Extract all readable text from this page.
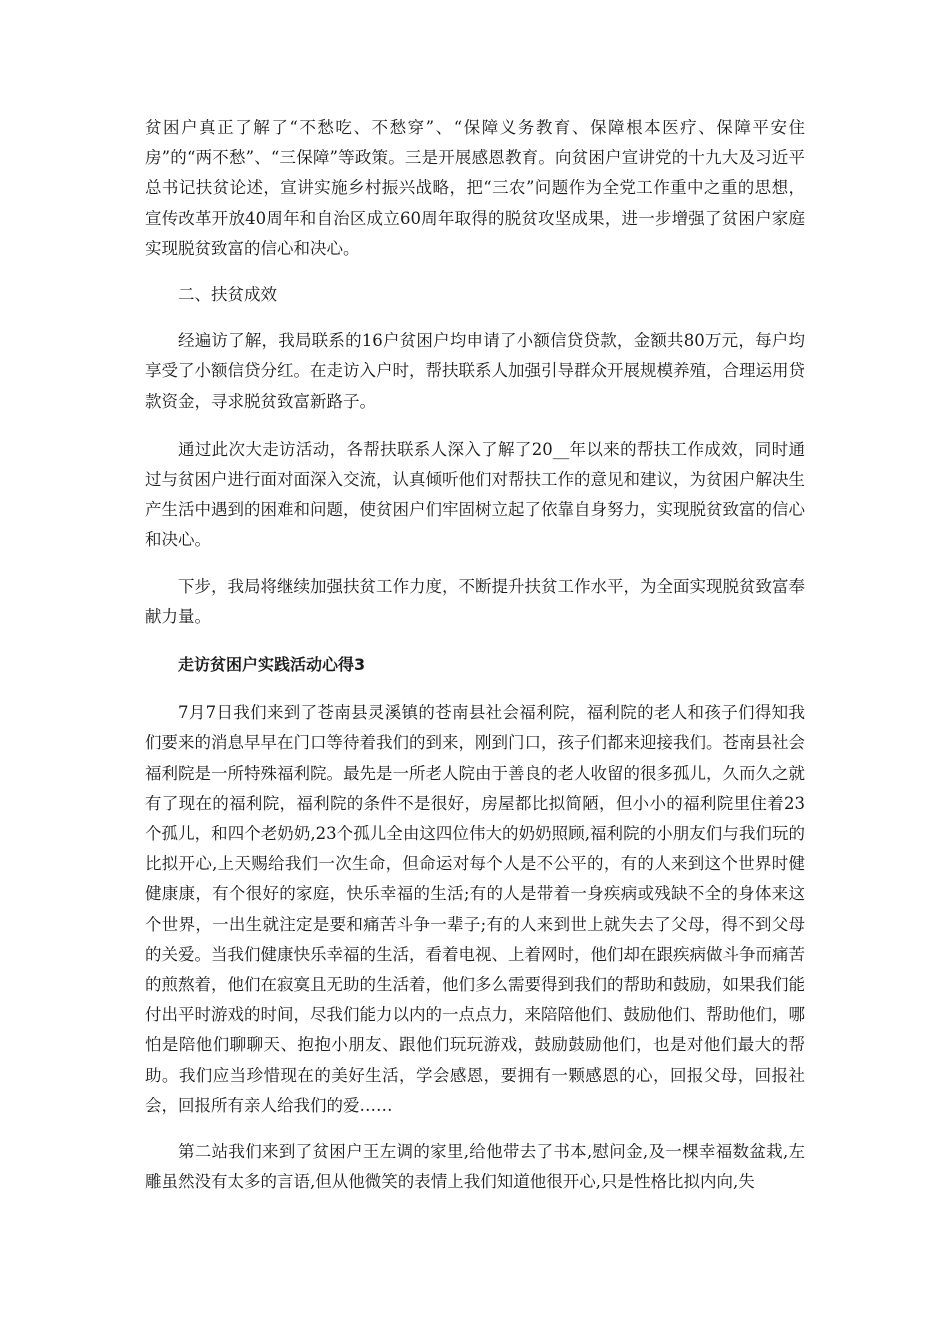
贫困户真正了解了“不愁吃、不愁穿”、“保障义务教育、保障根本医疗、保障平安住房”的“两不愁”、“三保障”等政策。三是开展感恩教育。向贫困户宣讲党的十九大及习近平总书记扶贫论述，宣讲实施乡村振兴战略，把“三农”问题作为全党工作重中之重的思想，宣传改革开放40周年和自治区成立60周年取得的脱贫攻坚成果，进一步增强了贫困户家庭实现脱贫致富的信心和决心。

二、扶贫成效

经遍访了解，我局联系的16户贫困户均申请了小额信贷贷款，金额共80万元，每户均享受了小额信贷分红。在走访入户时，帮扶联系人加强引导群众开展规模养殖，合理运用贷款资金，寻求脱贫致富新路子。

通过此次大走访活动，各帮扶联系人深入了解了20__年以来的帮扶工作成效，同时通过与贫困户进行面对面深入交流，认真倾听他们对帮扶工作的意见和建议，为贫困户解决生产生活中遇到的困难和问题，使贫困户们牢固树立起了依靠自身努力，实现脱贫致富的信心和决心。

下步，我局将继续加强扶贫工作力度，不断提升扶贫工作水平，为全面实现脱贫致富奉献力量。

走访贫困户实践活动心得3

7月7日我们来到了苍南县灵溪镇的苍南县社会福利院，福利院的老人和孩子们得知我们要来的消息早早在门口等待着我们的到来，刚到门口，孩子们都来迎接我们。苍南县社会福利院是一所特殊福利院。最先是一所老人院由于善良的老人收留的很多孤儿，久而久之就有了现在的福利院，福利院的条件不是很好，房屋都比拟简陋，但小小的福利院里住着23个孤儿，和四个老奶奶,23个孤儿全由这四位伟大的奶奶照顾,福利院的小朋友们与我们玩的比拟开心,上天赐给我们一次生命，但命运对每个人是不公平的，有的人来到这个世界时健健康康，有个很好的家庭，快乐幸福的生活;有的人是带着一身疾病或残缺不全的身体来这个世界，一出生就注定是要和痛苦斗争一辈子;有的人来到世上就失去了父母，得不到父母的关爱。当我们健康快乐幸福的生活，看着电视、上着网时，他们却在跟疾病做斗争而痛苦的煎熬着，他们在寂寞且无助的生活着，他们多么需要得到我们的帮助和鼓励，如果我们能付出平时游戏的时间，尽我们能力以内的一点点力，来陪陪他们、鼓励他们、帮助他们，哪怕是陪他们聊聊天、抱抱小朋友、跟他们玩玩游戏，鼓励鼓励他们，也是对他们最大的帮助。我们应当珍惜现在的美好生活，学会感恩，要拥有一颗感恩的心，回报父母，回报社会，回报所有亲人给我们的爱……

第二站我们来到了贫困户王左调的家里,给他带去了书本,慰问金,及一棵幸福数盆栽,左雕虽然没有太多的言语,但从他微笑的表情上我们知道他很开心,只是性格比拟内向,失
